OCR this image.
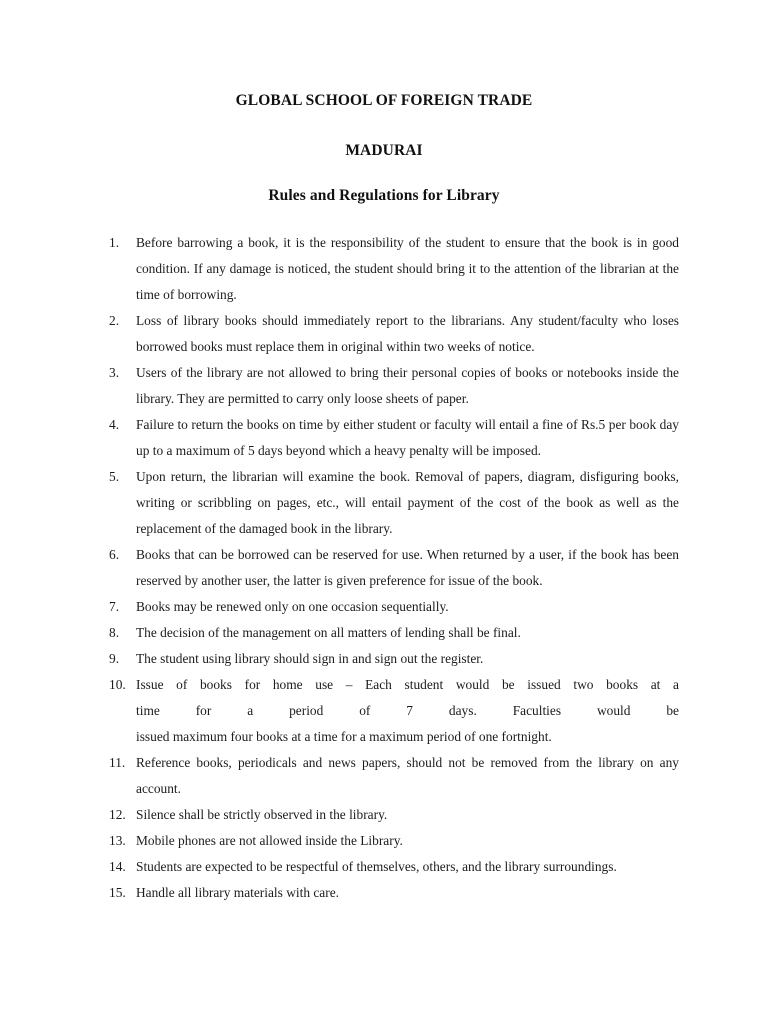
GLOBAL SCHOOL OF FOREIGN TRADE
MADURAI
Rules and Regulations for Library
1. Before barrowing a book, it is the responsibility of the student to ensure that the book is in good condition. If any damage is noticed, the student should bring it to the attention of the librarian at the time of borrowing.
2. Loss of library books should immediately report to the librarians. Any student/faculty who loses borrowed books must replace them in original within two weeks of notice.
3. Users of the library are not allowed to bring their personal copies of books or notebooks inside the library. They are permitted to carry only loose sheets of paper.
4. Failure to return the books on time by either student or faculty will entail a fine of Rs.5 per book day up to a maximum of 5 days beyond which a heavy penalty will be imposed.
5. Upon return, the librarian will examine the book. Removal of papers, diagram, disfiguring books, writing or scribbling on pages, etc., will entail payment of the cost of the book as well as the replacement of the damaged book in the library.
6. Books that can be borrowed can be reserved for use. When returned by a user, if the book has been reserved by another user, the latter is given preference for issue of the book.
7. Books may be renewed only on one occasion sequentially.
8. The decision of the management on all matters of lending shall be final.
9. The student using library should sign in and sign out the register.
10. Issue of books for home use – Each student would be issued two books at a
time for a period of 7 days. Faculties would be
issued maximum four books at a time for a maximum period of one fortnight.
11. Reference books, periodicals and news papers, should not be removed from the library on any account.
12. Silence shall be strictly observed in the library.
13. Mobile phones are not allowed inside the Library.
14. Students are expected to be respectful of themselves, others, and the library surroundings.
15. Handle all library materials with care.
